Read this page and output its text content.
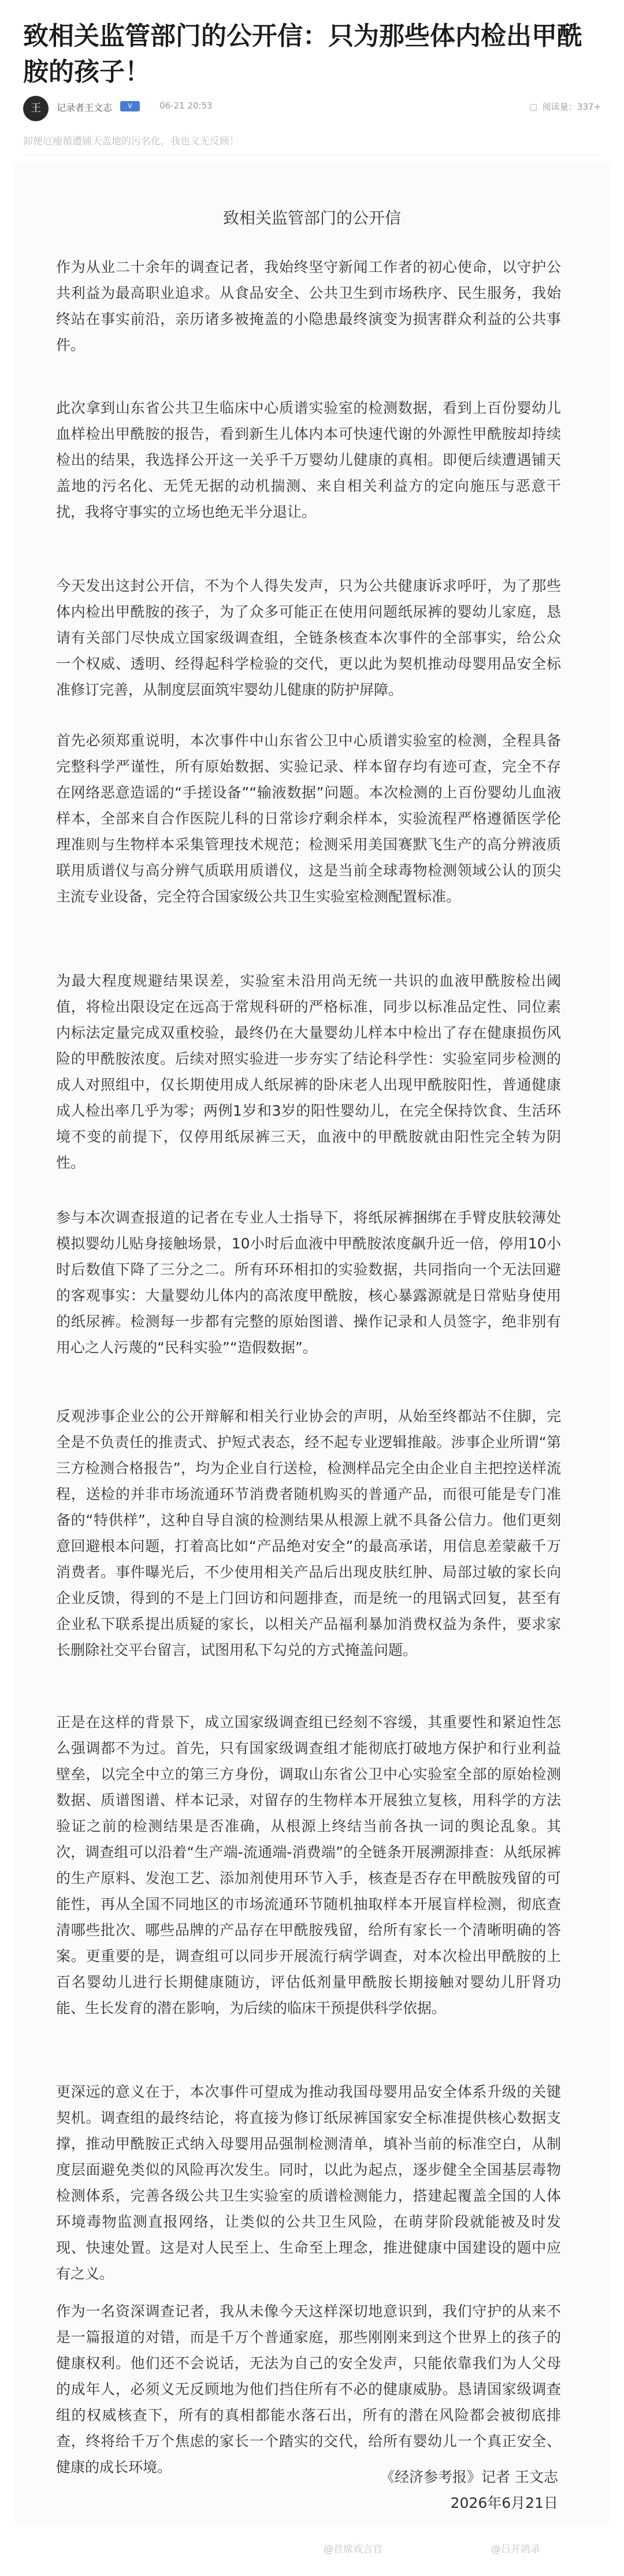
致相关监管部门的公开信：只为那些体内检出甲酰胺的孩子！
王	记录者王文志	V	06-21 20:53	▢ 阅读量：337+
卸便厄瘦循遭铺天盖地的污名化，我也义无反顾！
致相关监管部门的公开信
作为从业二十余年的调查记者，我始终坚守新闻工作者的初心使命，以守护公共利益为最高职业追求。从食品安全、公共卫生到市场秩序、民生服务，我始终站在事实前沿，亲历诸多被掩盖的小隐患最终演变为损害群众利益的公共事件。
此次拿到山东省公共卫生临床中心质谱实验室的检测数据，看到上百份婴幼儿血样检出甲酰胺的报告，看到新生儿体内本可快速代谢的外源性甲酰胺却持续检出的结果，我选择公开这一关乎千万婴幼儿健康的真相。即便后续遭遇铺天盖地的污名化、无凭无据的动机揣测、来自相关利益方的定向施压与恶意干扰，我将守事实的立场也绝无半分退让。
今天发出这封公开信，不为个人得失发声，只为公共健康诉求呼吁，为了那些体内检出甲酰胺的孩子，为了众多可能正在使用问题纸尿裤的婴幼儿家庭，恳请有关部门尽快成立国家级调查组，全链条核查本次事件的全部事实，给公众一个权威、透明、经得起科学检验的交代，更以此为契机推动母婴用品安全标准修订完善，从制度层面筑牢婴幼儿健康的防护屏障。
首先必须郑重说明，本次事件中山东省公卫中心质谱实验室的检测，全程具备完整科学严谨性，所有原始数据、实验记录、样本留存均有迹可查，完全不存在网络恶意造谣的“手搓设备”“输液数据”问题。本次检测的上百份婴幼儿血液样本，全部来自合作医院儿科的日常诊疗剩余样本，实验流程严格遵循医学伦理准则与生物样本采集管理技术规范；检测采用美国赛默飞生产的高分辨液质联用质谱仪与高分辨气质联用质谱仪，这是当前全球毒物检测领域公认的顶尖主流专业设备，完全符合国家级公共卫生实验室检测配置标准。
为最大程度规避结果误差，实验室未沿用尚无统一共识的血液甲酰胺检出阈值，将检出限设定在远高于常规科研的严格标准，同步以标准品定性、同位素内标法定量完成双重校验，最终仍在大量婴幼儿样本中检出了存在健康损伤风险的甲酰胺浓度。后续对照实验进一步夯实了结论科学性：实验室同步检测的成人对照组中，仅长期使用成人纸尿裤的卧床老人出现甲酰胺阳性，普通健康成人检出率几乎为零；两例1岁和3岁的阳性婴幼儿，在完全保持饮食、生活环境不变的前提下，仅停用纸尿裤三天，血液中的甲酰胺就由阳性完全转为阴性。
参与本次调查报道的记者在专业人士指导下，将纸尿裤捆绑在手臂皮肤较薄处模拟婴幼儿贴身接触场景，10小时后血液中甲酰胺浓度飙升近一倍，停用10小时后数值下降了三分之二。所有环环相扣的实验数据，共同指向一个无法回避的客观事实：大量婴幼儿体内的高浓度甲酰胺，核心暴露源就是日常贴身使用的纸尿裤。检测每一步都有完整的原始图谱、操作记录和人员签字，绝非别有用心之人污蔑的“民科实验”“造假数据”。
反观涉事企业公的公开辩解和相关行业协会的声明，从始至终都站不住脚，完全是不负责任的推责式、护短式表态，经不起专业逻辑推敲。涉事企业所谓“第三方检测合格报告”，均为企业自行送检，检测样品完全由企业自主把控送样流程，送检的并非市场流通环节消费者随机购买的普通产品，而很可能是专门准备的“特供样”，这种自导自演的检测结果从根源上就不具备公信力。他们更刻意回避根本问题，打着高比如“产品绝对安全”的最高承诺，用信息差蒙蔽千万消费者。事件曝光后，不少使用相关产品后出现皮肤红肿、局部过敏的家长向企业反馈，得到的不是上门回访和问题排查，而是统一的甩锅式回复，甚至有企业私下联系提出质疑的家长，以相关产品福利暴加消费权益为条件，要求家长删除社交平台留言，试图用私下勾兑的方式掩盖问题。
正是在这样的背景下，成立国家级调查组已经刻不容缓，其重要性和紧迫性怎么强调都不为过。首先，只有国家级调查组才能彻底打破地方保护和行业利益壁垒，以完全中立的第三方身份，调取山东省公卫中心实验室全部的原始检测数据、质谱图谱、样本记录，对留存的生物样本开展独立复核，用科学的方法验证之前的检测结果是否准确，从根源上终结当前各执一词的舆论乱象。其次，调查组可以沿着“生产端-流通端-消费端”的全链条开展溯源排查：从纸尿裤的生产原料、发泡工艺、添加剂使用环节入手，核查是否存在甲酰胺残留的可能性，再从全国不同地区的市场流通环节随机抽取样本开展盲样检测，彻底查清哪些批次、哪些品牌的产品存在甲酰胺残留，给所有家长一个清晰明确的答案。更重要的是，调查组可以同步开展流行病学调查，对本次检出甲酰胺的上百名婴幼儿进行长期健康随访，评估低剂量甲酰胺长期接触对婴幼儿肝肾功能、生长发育的潜在影响，为后续的临床干预提供科学依据。
更深远的意义在于，本次事件可望成为推动我国母婴用品安全体系升级的关键契机。调查组的最终结论，将直接为修订纸尿裤国家安全标准提供核心数据支撑，推动甲酰胺正式纳入母婴用品强制检测清单，填补当前的标准空白，从制度层面避免类似的风险再次发生。同时，以此为起点，逐步健全全国基层毒物检测体系，完善各级公共卫生实验室的质谱检测能力，搭建起覆盖全国的人体环境毒物监测直报网络，让类似的公共卫生风险，在萌芽阶段就能被及时发现、快速处置。这是对人民至上、生命至上理念，推进健康中国建设的题中应有之义。
作为一名资深调查记者，我从未像今天这样深切地意识到，我们守护的从来不是一篇报道的对错，而是千万个普通家庭，那些刚刚来到这个世界上的孩子的健康权利。他们还不会说话，无法为自己的安全发声，只能依靠我们为人父母的成年人，必须义无反顾地为他们挡住所有不必的健康威胁。恳请国家级调查组的权威核查下，所有的真相都能水落石出，所有的潜在风险都会被彻底排查，终将给千万个焦虑的家长一个踏实的交代，给所有婴幼儿一个真正安全、健康的成长环境。
《经济参考报》记者 王文志
2026年6月21日
@首席戏言官	@吕开鸽录
